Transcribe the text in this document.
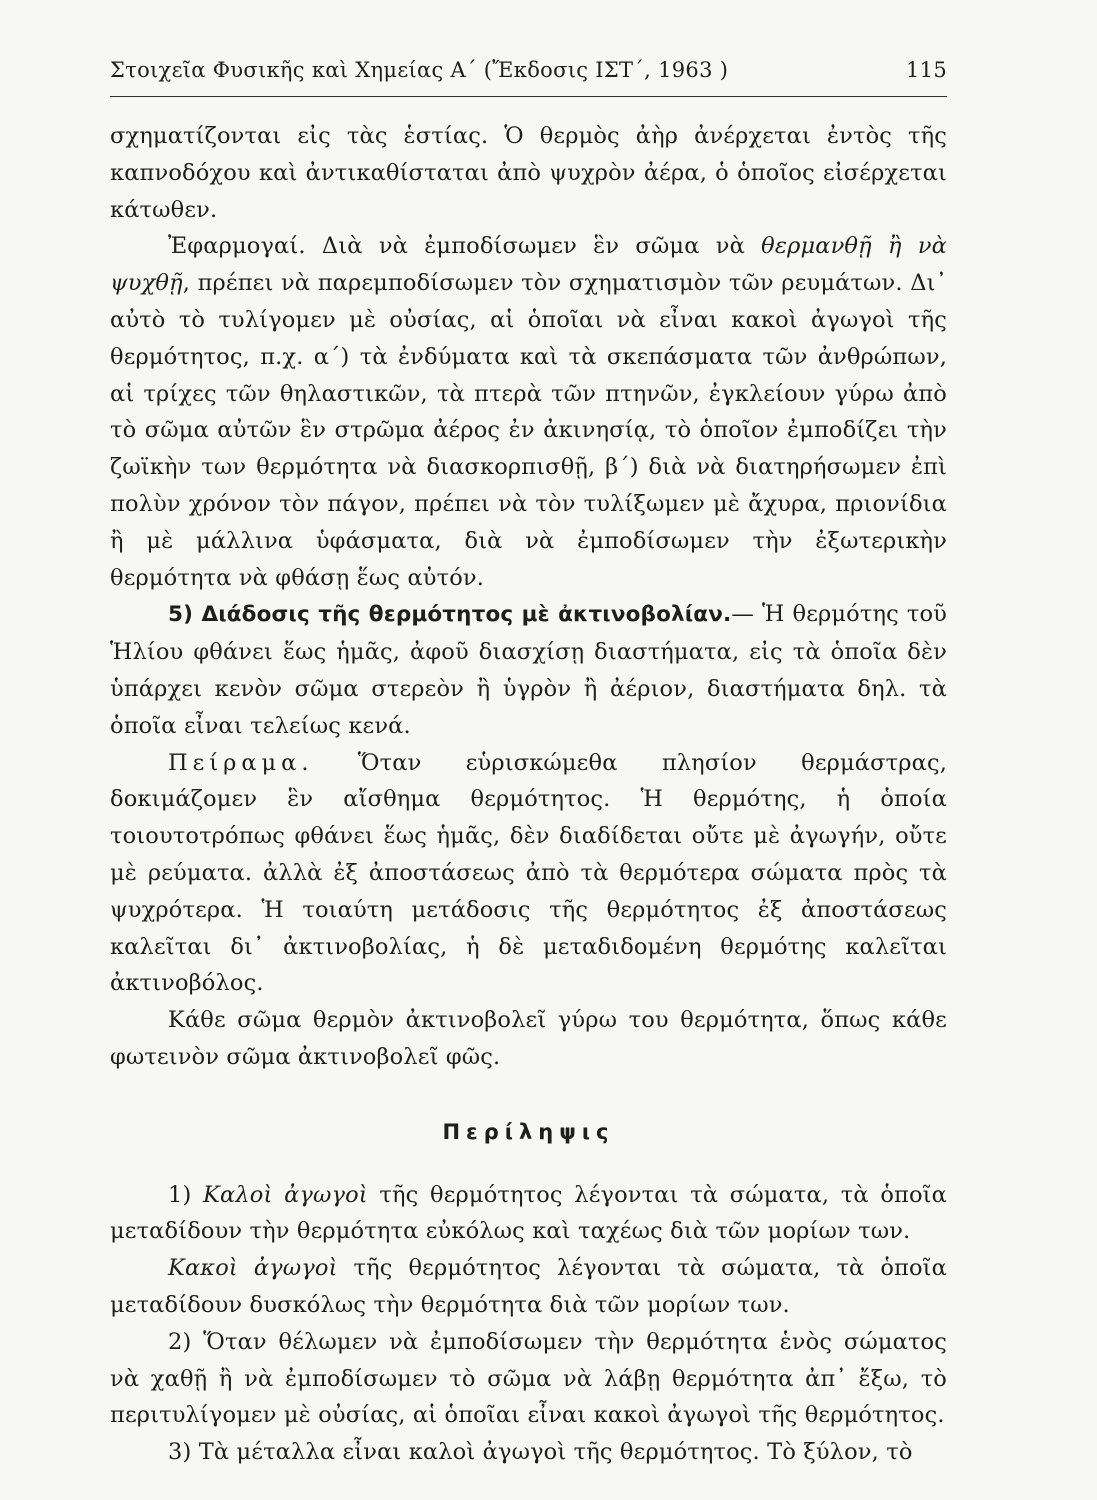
Στοιχεῖα Φυσικῆς καὶ Χημείας Α΄ (Ἔκδοσις ΙΣΤ΄, 1963 )	115

σχηματίζονται εἰς τὰς ἑστίας. Ὁ θερμὸς ἀὴρ ἀνέρχεται ἐντὸς τῆς καπνοδόχου καὶ ἀντικαθίσταται ἀπὸ ψυχρὸν ἀέρα, ὁ ὁποῖος εἰσέρχεται κάτωθεν.

Ἐφαρμογαί. Διὰ νὰ ἐμποδίσωμεν ἓν σῶμα νὰ θερμανθῇ ἢ νὰ ψυχθῇ, πρέπει νὰ παρεμποδίσωμεν τὸν σχηματισμὸν τῶν ρευμάτων. Δι᾽ αὐτὸ τὸ τυλίγομεν μὲ οὐσίας, αἱ ὁποῖαι νὰ εἶναι κακοὶ ἀγωγοὶ τῆς θερμότητος, π.χ. α΄) τὰ ἐνδύματα καὶ τὰ σκεπάσματα τῶν ἀνθρώπων, αἱ τρίχες τῶν θηλαστικῶν, τὰ πτερὰ τῶν πτηνῶν, ἐγκλείουν γύρω ἀπὸ τὸ σῶμα αὐτῶν ἓν στρῶμα ἀέρος ἐν ἀκινησίᾳ, τὸ ὁποῖον ἐμποδίζει τὴν ζωϊκὴν των θερμότητα νὰ διασκορπισθῇ, β΄) διὰ νὰ διατηρήσωμεν ἐπὶ πολὺν χρόνον τὸν πάγον, πρέπει νὰ τὸν τυλίξωμεν μὲ ἄχυρα, πριονίδια ἢ μὲ μάλλινα ὑφάσματα, διὰ νὰ ἐμποδίσωμεν τὴν ἐξωτερικὴν θερμότητα νὰ φθάσῃ ἕως αὐτόν.

5) Διάδοσις τῆς θερμότητος μὲ ἀκτινοβολίαν.— Ἡ θερμότης τοῦ Ἡλίου φθάνει ἕως ἡμᾶς, ἀφοῦ διασχίσῃ διαστήματα, εἰς τὰ ὁποῖα δὲν ὑπάρχει κενὸν σῶμα στερεὸν ἢ ὑγρὸν ἢ ἀέριον, διαστήματα δηλ. τὰ ὁποῖα εἶναι τελείως κενά.

Πείραμα. Ὅταν εὑρισκώμεθα πλησίον θερμάστρας, δοκιμάζομεν ἓν αἴσθημα θερμότητος. Ἡ θερμότης, ἡ ὁποία τοιουτοτρόπως φθάνει ἕως ἡμᾶς, δὲν διαδίδεται οὔτε μὲ ἀγωγήν, οὔτε μὲ ρεύματα. ἀλλὰ ἐξ ἀποστάσεως ἀπὸ τὰ θερμότερα σώματα πρὸς τὰ ψυχρότερα. Ἡ τοιαύτη μετάδοσις τῆς θερμότητος ἐξ ἀποστάσεως καλεῖται δι᾽ ἀκτινοβολίας, ἡ δὲ μεταδιδομένη θερμότης καλεῖται ἀκτινοβόλος.

Κάθε σῶμα θερμὸν ἀκτινοβολεῖ γύρω του θερμότητα, ὅπως κάθε φωτεινὸν σῶμα ἀκτινοβολεῖ φῶς.

Περίληψις

1) Καλοὶ ἀγωγοὶ τῆς θερμότητος λέγονται τὰ σώματα, τὰ ὁποῖα μεταδίδουν τὴν θερμότητα εὐκόλως καὶ ταχέως διὰ τῶν μορίων των.

Κακοὶ ἀγωγοὶ τῆς θερμότητος λέγονται τὰ σώματα, τὰ ὁποῖα μεταδίδουν δυσκόλως τὴν θερμότητα διὰ τῶν μορίων των.

2) Ὅταν θέλωμεν νὰ ἐμποδίσωμεν τὴν θερμότητα ἑνὸς σώματος νὰ χαθῇ ἢ νὰ ἐμποδίσωμεν τὸ σῶμα νὰ λάβῃ θερμότητα ἀπ᾽ ἔξω, τὸ περιτυλίγομεν μὲ οὐσίας, αἱ ὁποῖαι εἶναι κακοὶ ἀγωγοὶ τῆς θερμότητος.

3) Τὰ μέταλλα εἶναι καλοὶ ἀγωγοὶ τῆς θερμότητος. Τὸ ξύλον, τὸ
